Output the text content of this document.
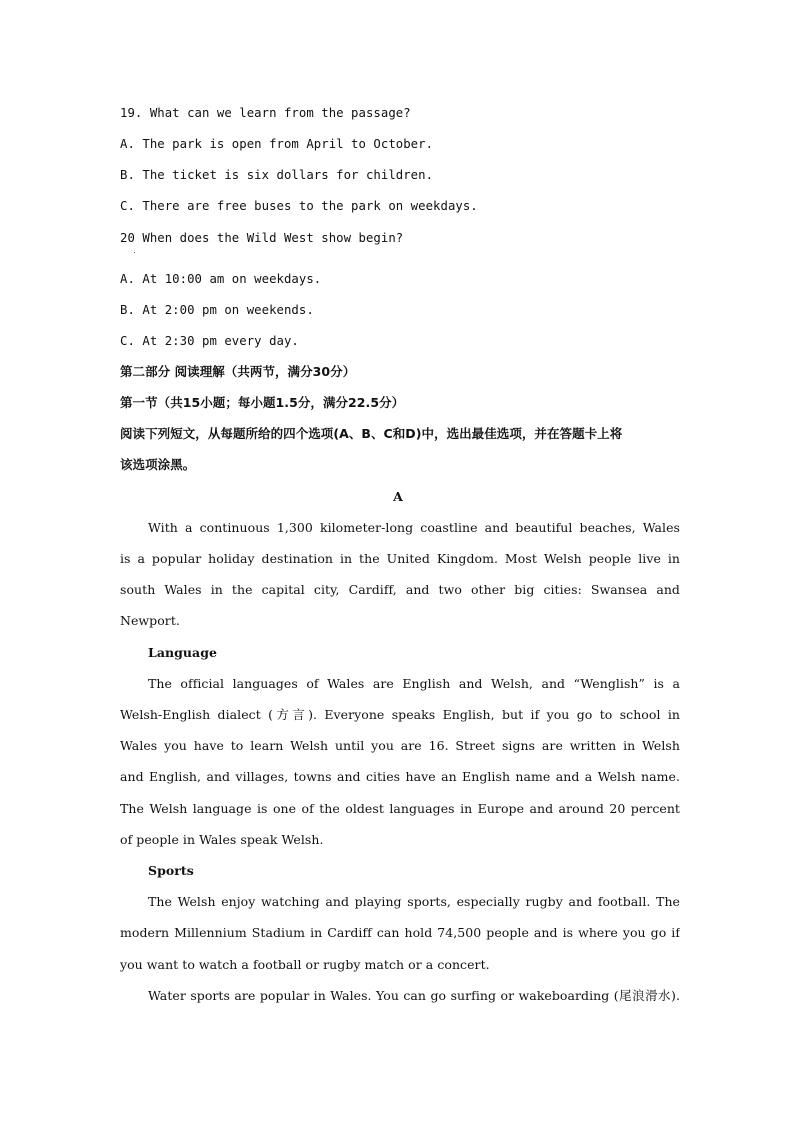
19. What can we learn from the passage?
A. The park is open from April to October.
B. The ticket is six dollars for children.
C. There are free buses to the park on weekdays.
20 When does the Wild West show begin?
A. At 10:00 am on weekdays.
B. At 2:00 pm on weekends.
C. At 2:30 pm every day.
第二部分 阅读理解（共两节，满分30分）
第一节（共15小题；每小题1.5分，满分22.5分）
阅读下列短文，从每题所给的四个选项(A、B、C和D)中，选出最佳选项，并在答题卡上将
该选项涂黑。
A
With a continuous 1,300 kilometer-long coastline and beautiful beaches, Wales
is a popular holiday destination in the United Kingdom. Most Welsh people live in
south Wales in the capital city, Cardiff, and two other big cities: Swansea and
Newport.
Language
The official languages of Wales are English and Welsh, and “Wenglish” is a
Welsh-English dialect (方言). Everyone speaks English, but if you go to school in
Wales you have to learn Welsh until you are 16. Street signs are written in Welsh
and English, and villages, towns and cities have an English name and a Welsh name.
The Welsh language is one of the oldest languages in Europe and around 20 percent
of people in Wales speak Welsh.
Sports
The Welsh enjoy watching and playing sports, especially rugby and football. The
modern Millennium Stadium in Cardiff can hold 74,500 people and is where you go if
you want to watch a football or rugby match or a concert.
Water sports are popular in Wales. You can go surfing or wakeboarding (尾浪滑水).
